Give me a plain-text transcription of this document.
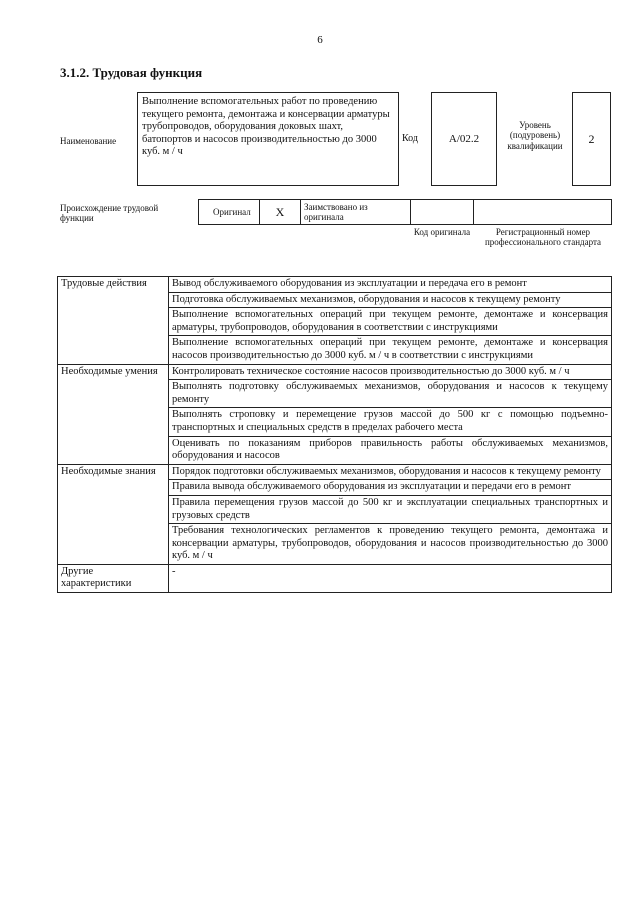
6
3.1.2. Трудовая функция
Наименование
Выполнение вспомогательных работ по проведению текущего ремонта, демонтажа и консервации арматуры трубопроводов, оборудования доковых шахт, батопортов и насосов производительностью до 3000 куб. м / ч
Код	A/02.2
Уровень (подуровень) квалификации
2
Происхождение трудовой функции
Оригинал	X	Заимствовано из оригинала
Код оригинала	Регистрационный номер профессионального стандарта
Трудовые действия	Вывод обслуживаемого оборудования из эксплуатации и передача его в ремонт
	Подготовка обслуживаемых механизмов, оборудования и насосов к текущему ремонту
	Выполнение вспомогательных операций при текущем ремонте, демонтаже и консервация арматуры, трубопроводов, оборудования в соответствии с инструкциями
	Выполнение вспомогательных операций при текущем ремонте, демонтаже и консервация насосов производительностью до 3000 куб. м / ч в соответствии с инструкциями
Необходимые умения	Контролировать техническое состояние насосов производительностью до 3000 куб. м / ч
	Выполнять подготовку обслуживаемых механизмов, оборудования и насосов к текущему ремонту
	Выполнять строповку и перемещение грузов массой до 500 кг с помощью подъемно-транспортных и специальных средств в пределах рабочего места
	Оценивать по показаниям приборов правильность работы обслуживаемых механизмов, оборудования и насосов
Необходимые знания	Порядок подготовки обслуживаемых механизмов, оборудования и насосов к текущему ремонту
	Правила вывода обслуживаемого оборудования из эксплуатации и передачи его в ремонт
	Правила перемещения грузов массой до 500 кг и эксплуатации специальных транспортных и грузовых средств
	Требования технологических регламентов к проведению текущего ремонта, демонтажа и консервации арматуры, трубопроводов, оборудования и насосов производительностью до 3000 куб. м / ч
Другие характеристики	-
